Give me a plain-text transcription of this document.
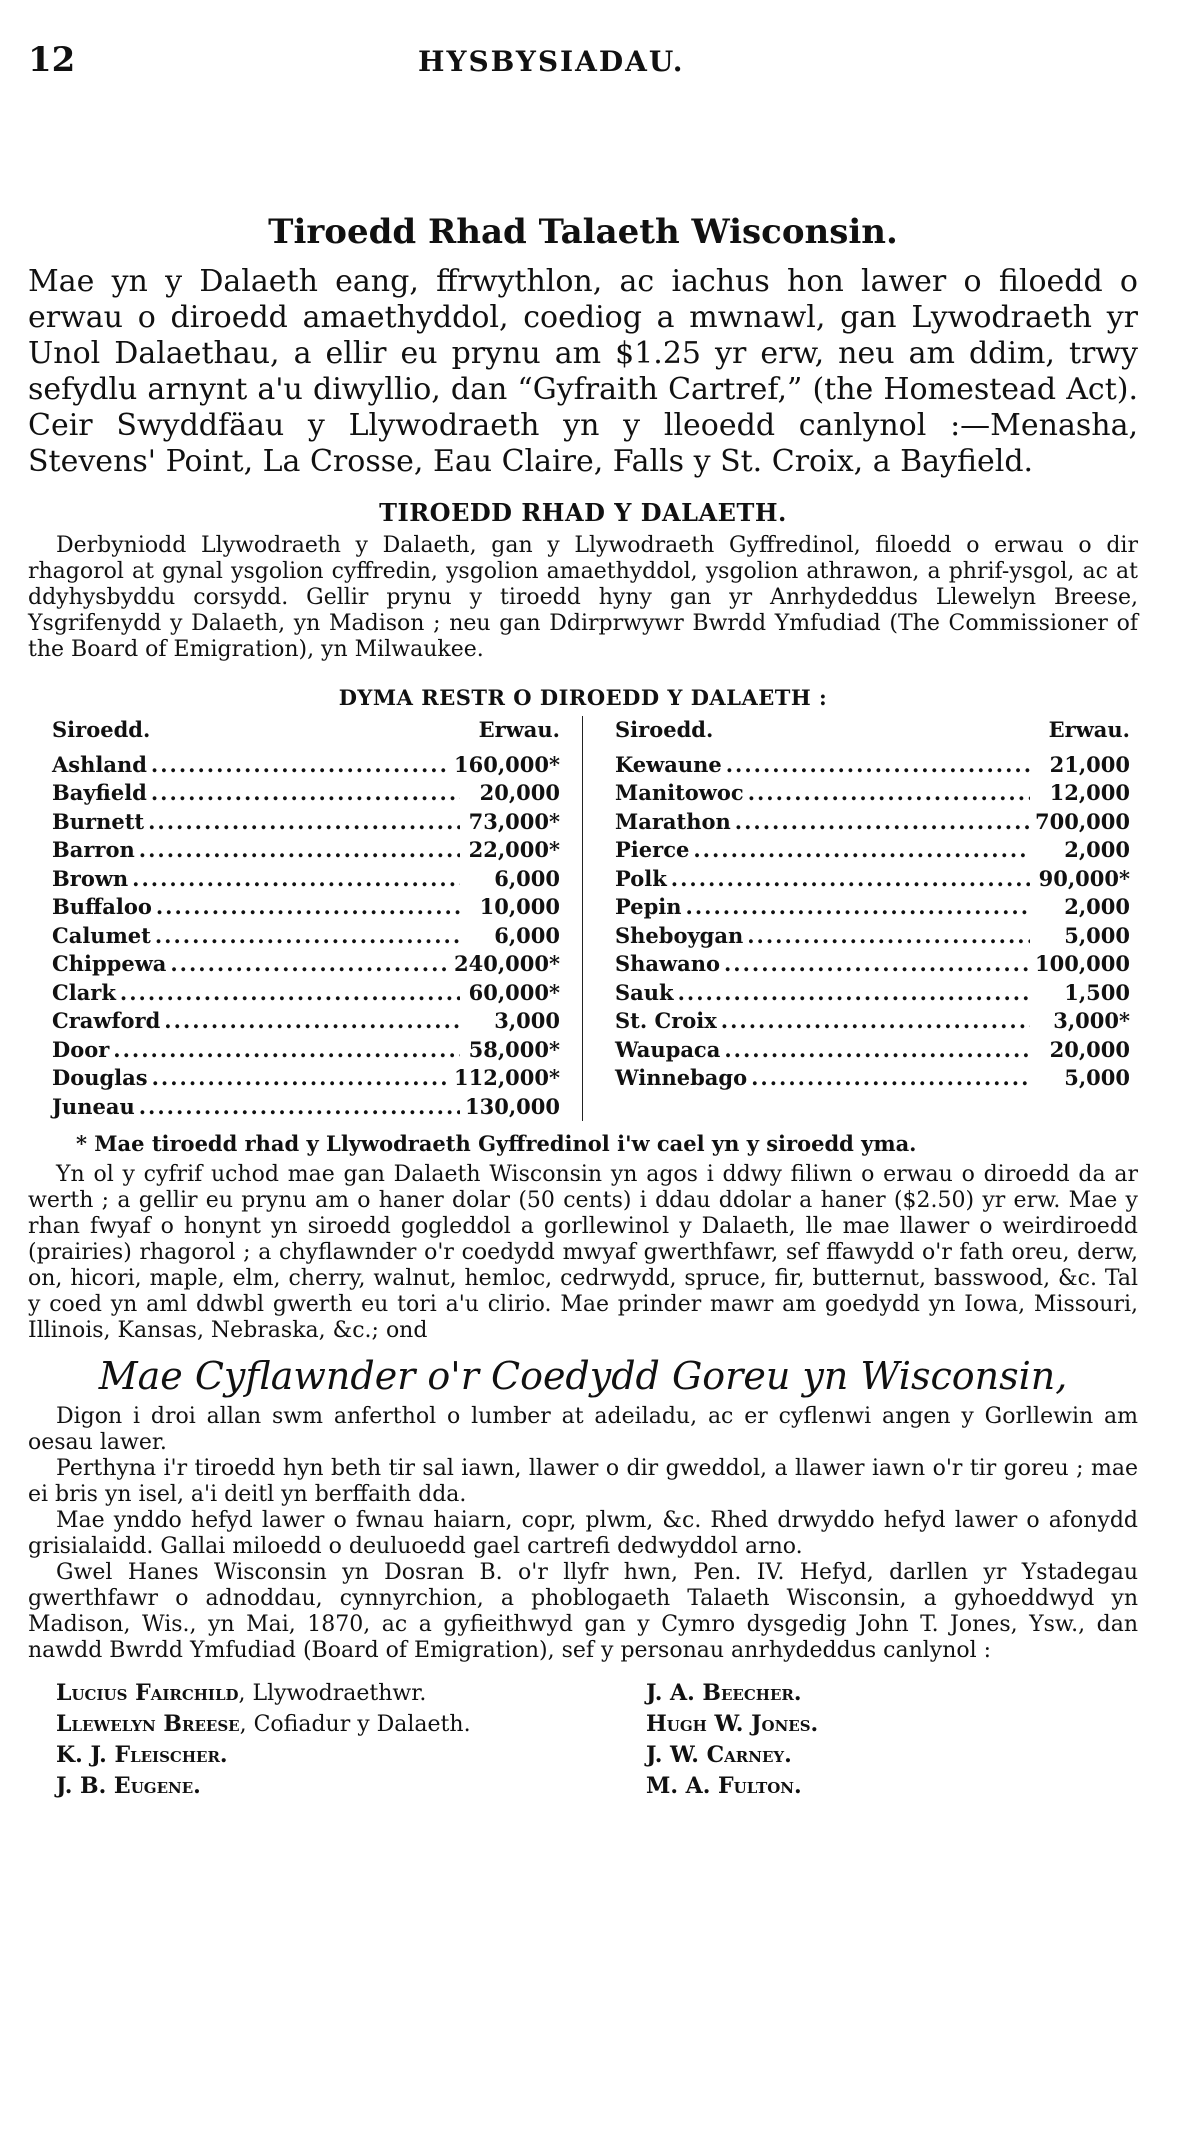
12	HYSBYSIADAU.
Tiroedd Rhad Talaeth Wisconsin.

Mae yn y Dalaeth eang, ffrwythlon, ac iachus hon lawer o filoedd o erwau o diroedd amaethyddol, coediog a mwnawl, gan Lywodraeth yr Unol Dalaethau, a ellir eu prynu am $1.25 yr erw, neu am ddim, trwy sefydlu arnynt a'u diwyllio, dan “Gyfraith Cartref,” (the Homestead Act). Ceir Swyddfäau y Llywodraeth yn y lleoedd canlynol :—Menasha, Stevens' Point, La Crosse, Eau Claire, Falls y St. Croix, a Bayfield.

TIROEDD RHAD Y DALAETH.

Derbyniodd Llywodraeth y Dalaeth, gan y Llywodraeth Gyffredinol, filoedd o erwau o dir rhagorol at gynal ysgolion cyffredin, ysgolion amaethyddol, ysgolion athrawon, a phrif-ysgol, ac at ddyhysbyddu corsydd. Gellir prynu y tiroedd hyny gan yr Anrhydeddus Llewelyn Breese, Ysgrifenydd y Dalaeth, yn Madison ; neu gan Ddirprwywr Bwrdd Ymfudiad (The Commissioner of the Board of Emigration), yn Milwaukee.

DYMA RESTR O DIROEDD Y DALAETH :
Siroedd.	Erwau.
Ashland .....	160,000*
Bayfield .....	20,000
Burnett .....	73,000*
Barron .....	22,000*
Brown .....	6,000
Buffaloo .....	10,000
Calumet .....	6,000
Chippewa .....	240,000*
Clark .....	60,000*
Crawford .....	3,000
Door .....	58,000*
Douglas .....	112,000*
Juneau .....	130,000
Siroedd.	Erwau.
Kewaune .....	21,000
Manitowoc .....	12,000
Marathon .....	700,000
Pierce .....	2,000
Polk .....	90,000*
Pepin .....	2,000
Sheboygan .....	5,000
Shawano .....	100,000
Sauk .....	1,500
St. Croix .....	3,000*
Waupaca .....	20,000
Winnebago .....	5,000
* Mae tiroedd rhad y Llywodraeth Gyffredinol i'w cael yn y siroedd yma.

Yn ol y cyfrif uchod mae gan Dalaeth Wisconsin yn agos i ddwy filiwn o erwau o diroedd da ar werth ; a gellir eu prynu am o haner dolar (50 cents) i ddau ddolar a haner ($2.50) yr erw. Mae y rhan fwyaf o honynt yn siroedd gogleddol a gorllewinol y Dalaeth, lle mae llawer o weirdiroedd (prairies) rhagorol ; a chyflawnder o'r coedydd mwyaf gwerthfawr, sef ffawydd o'r fath oreu, derw, on, hicori, maple, elm, cherry, walnut, hemloc, cedrwydd, spruce, fir, butternut, basswood, &c. Tal y coed yn aml ddwbl gwerth eu tori a'u clirio. Mae prinder mawr am goedydd yn Iowa, Missouri, Illinois, Kansas, Nebraska, &c.; ond

Mae Cyflawnder o'r Coedydd Goreu yn Wisconsin,

Digon i droi allan swm anferthol o lumber at adeiladu, ac er cyflenwi angen y Gorllewin am oesau lawer.

Perthyna i'r tiroedd hyn beth tir sal iawn, llawer o dir gweddol, a llawer iawn o'r tir goreu ; mae ei bris yn isel, a'i deitl yn berffaith dda.

Mae ynddo hefyd lawer o fwnau haiarn, copr, plwm, &c. Rhed drwyddo hefyd lawer o afonydd grisialaidd. Gallai miloedd o deuluoedd gael cartrefi dedwyddol arno.

Gwel Hanes Wisconsin yn Dosran B. o'r llyfr hwn, Pen. IV. Hefyd, darllen yr Ystadegau gwerthfawr o adnoddau, cynnyrchion, a phoblogaeth Talaeth Wisconsin, a gyhoeddwyd yn Madison, Wis., yn Mai, 1870, ac a gyfieithwyd gan y Cymro dysgedig John T. Jones, Ysw., dan nawdd Bwrdd Ymfudiad (Board of Emigration), sef y personau anrhydeddus canlynol :

Lucius Fairchild, Llywodraethwr.	J. A. Beecher.
Llewelyn Breese, Cofiadur y Dalaeth.	Hugh W. Jones.
K. J. Fleischer.	J. W. Carney.
J. B. Eugene.	M. A. Fulton.
